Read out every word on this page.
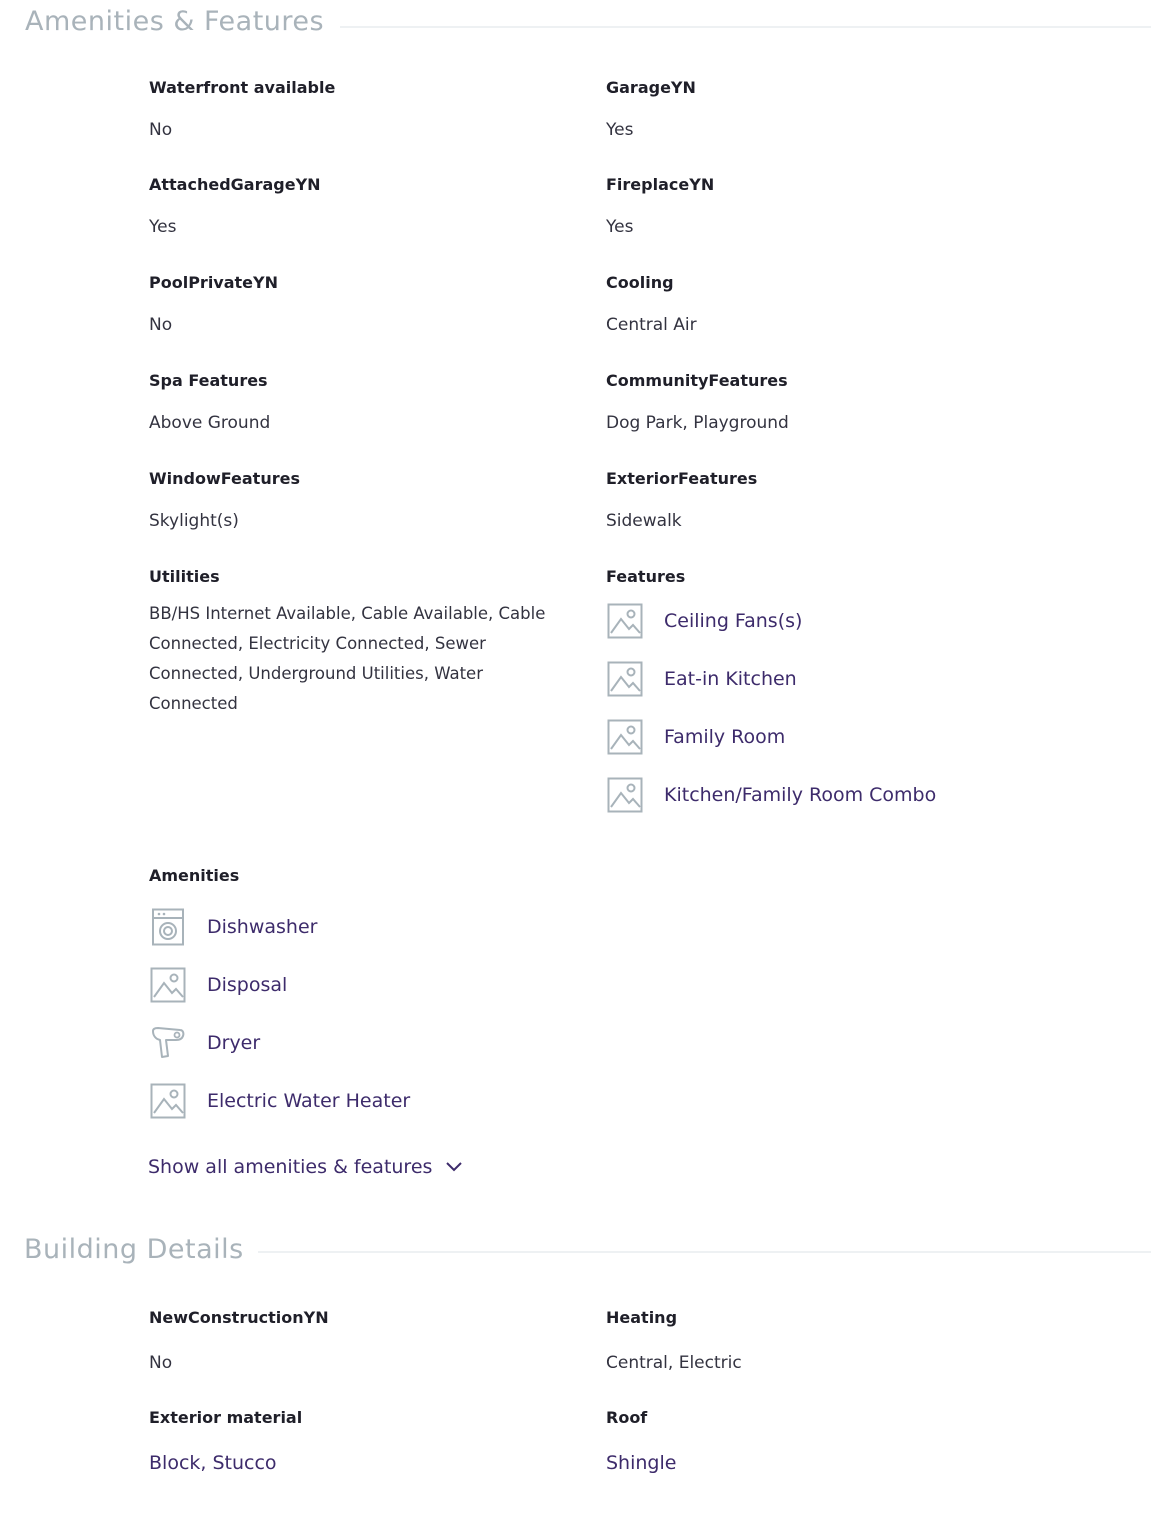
Amenities & Features
Waterfront available
No
GarageYN
Yes
AttachedGarageYN
Yes
FireplaceYN
Yes
PoolPrivateYN
No
Cooling
Central Air
Spa Features
Above Ground
CommunityFeatures
Dog Park, Playground
WindowFeatures
Skylight(s)
ExteriorFeatures
Sidewalk
Utilities
BB/HS Internet Available, Cable Available, Cable Connected, Electricity Connected, Sewer Connected, Underground Utilities, Water Connected
Features
Ceiling Fans(s)
Eat-in Kitchen
Family Room
Kitchen/Family Room Combo
Amenities
Dishwasher
Disposal
Dryer
Electric Water Heater
Show all amenities & features
Building Details
NewConstructionYN
No
Heating
Central, Electric
Exterior material
Block, Stucco
Roof
Shingle
